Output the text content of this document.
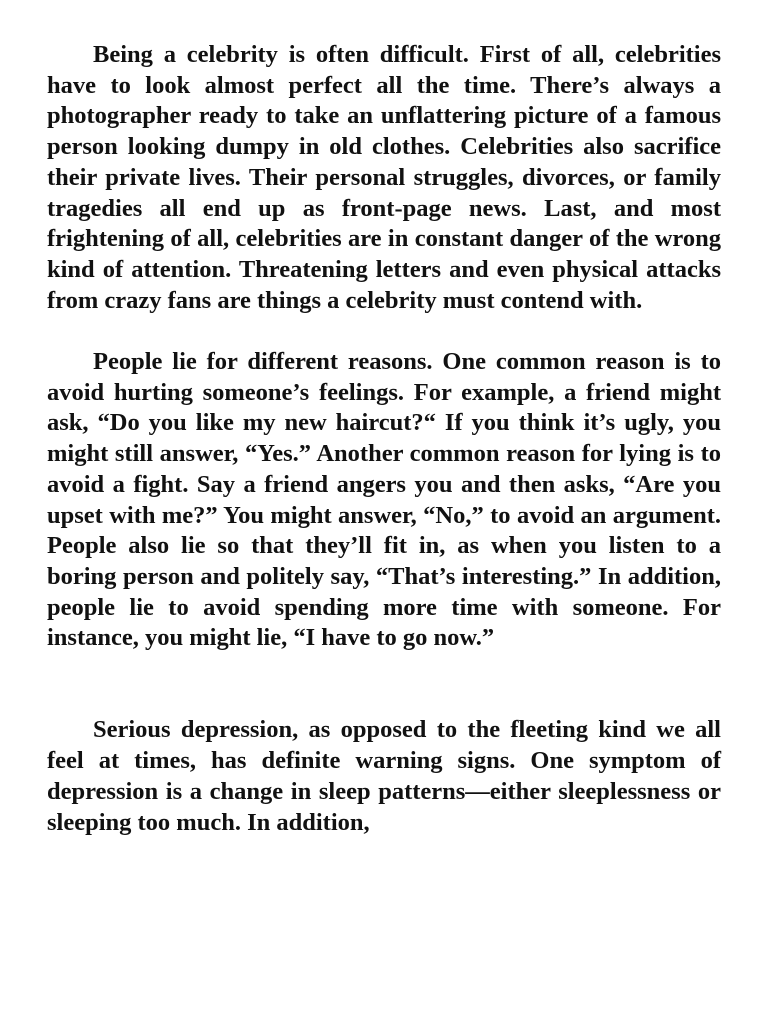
Being a celebrity is often difficult. First of all, celebrities have to look almost perfect all the time. There’s always a photographer ready to take an unflattering picture of a famous person looking dumpy in old clothes. Celebrities also sacrifice their private lives. Their personal struggles, divorces, or family tragedies all end up as front-page news. Last, and most frightening of all, celebrities are in constant danger of the wrong kind of attention. Threatening letters and even physical attacks from crazy fans are things a celebrity must contend with.

People lie for different reasons. One common reason is to avoid hurting someone’s feelings. For example, a friend might ask, “Do you like my new haircut?“ If you think it’s ugly, you might still answer, “Yes.” Another common reason for lying is to avoid a fight. Say a friend angers you and then asks, “Are you upset with me?” You might answer, “No,” to avoid an argument. People also lie so that they’ll fit in, as when you listen to a boring person and politely say, “That’s interesting.” In addition, people lie to avoid spending more time with someone. For instance, you might lie, “I have to go now.”

Serious depression, as opposed to the fleeting kind we all feel at times, has definite warning signs. One symptom of depression is a change in sleep patterns—either sleeplessness or sleeping too much. In addition,
